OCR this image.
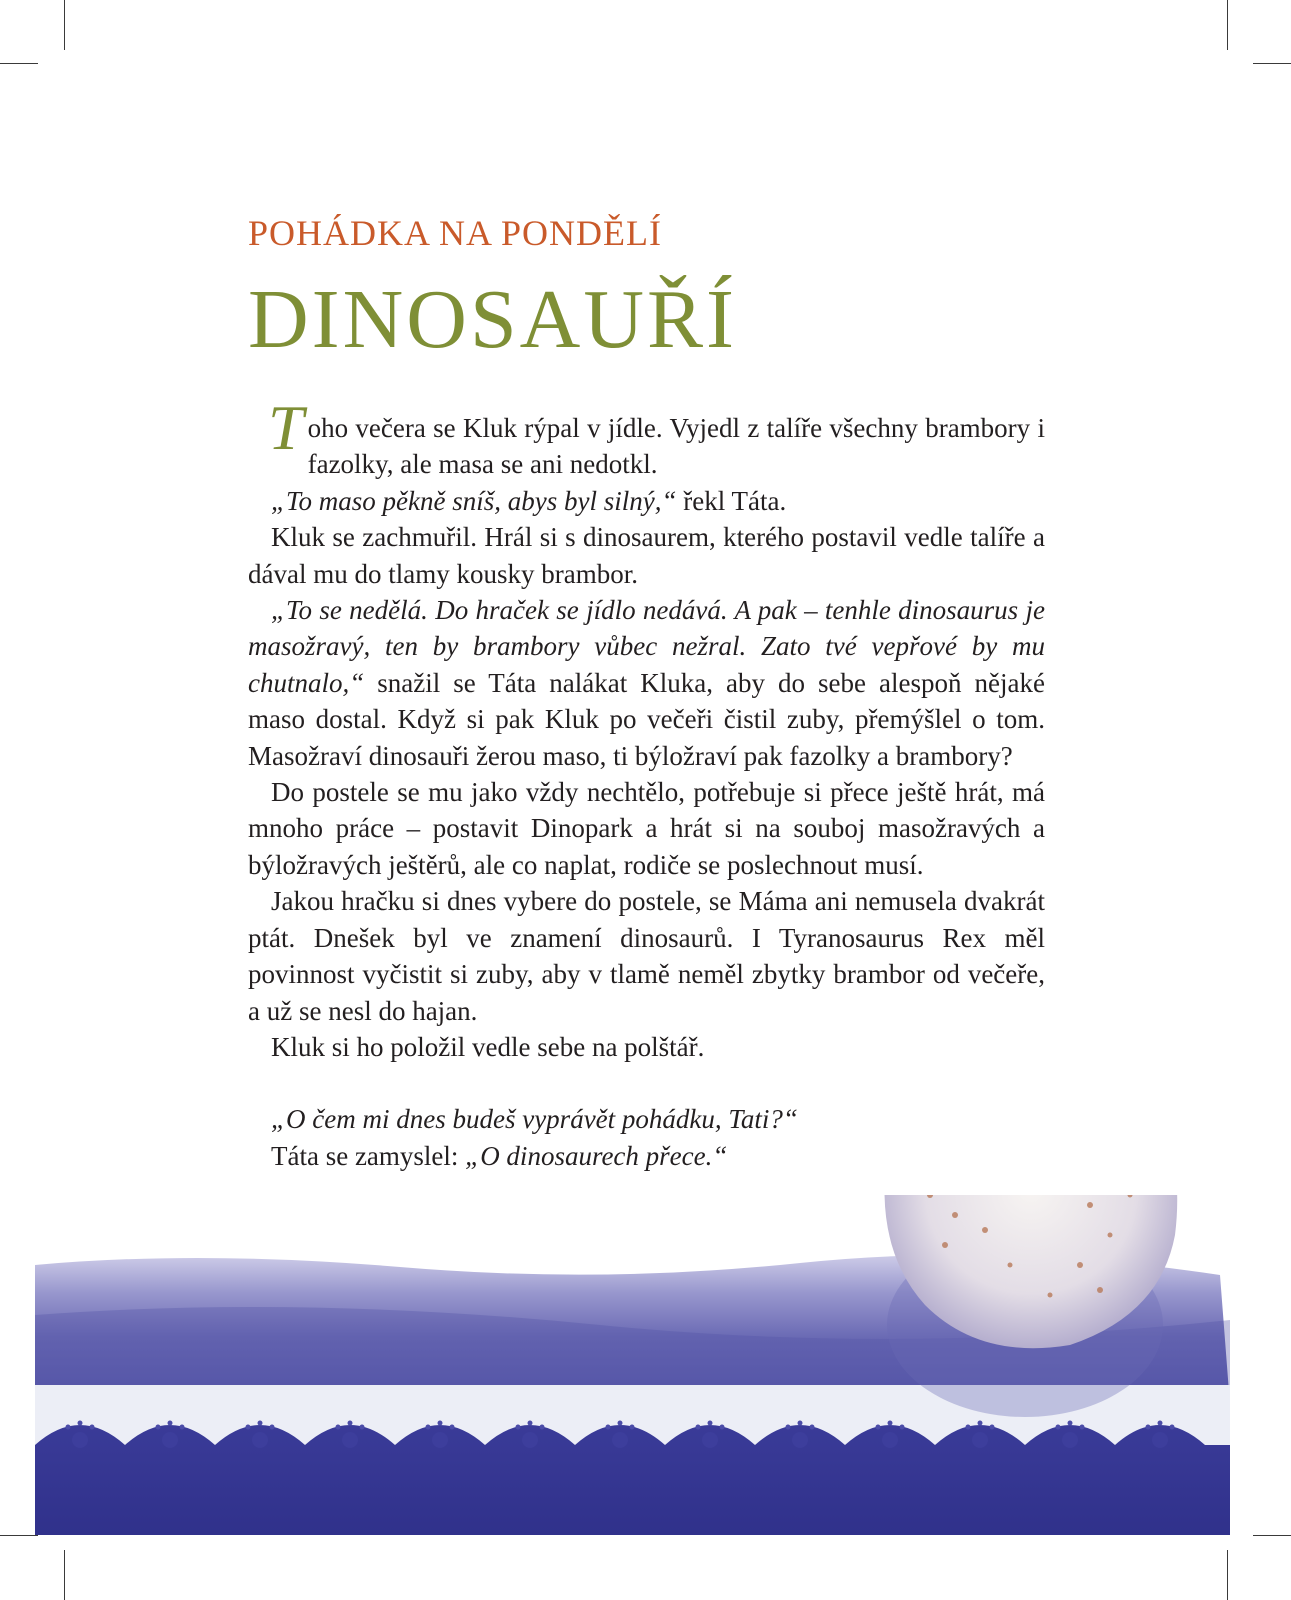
POHÁDKA NA PONDĚLÍ
DINOSAUŘÍ

Toho večera se Kluk rýpal v jídle. Vyjedl z talíře všechny brambory i fazolky, ale masa se ani nedotkl.

„To maso pěkně sníš, abys byl silný,“ řekl Táta.

Kluk se zachmuřil. Hrál si s dinosaurem, kterého postavil vedle talíře a dával mu do tlamy kousky brambor.

„To se nedělá. Do hraček se jídlo nedává. A pak – tenhle dinosaurus je masožravý, ten by brambory vůbec nežral. Zato tvé vepřové by mu chutnalo,“ snažil se Táta nalákat Kluka, aby do sebe alespoň nějaké maso dostal. Když si pak Kluk po večeři čistil zuby, přemýšlel o tom. Masožraví dinosauři žerou maso, ti býložraví pak fazolky a brambory?

Do postele se mu jako vždy nechtělo, potřebuje si přece ještě hrát, má mnoho práce – postavit Dinopark a hrát si na souboj masožravých a býložravých ještěrů, ale co naplat, rodiče se poslechnout musí.

Jakou hračku si dnes vybere do postele, se Máma ani nemusela dvakrát ptát. Dnešek byl ve znamení dinosaurů. I Tyranosaurus Rex měl povinnost vyčistit si zuby, aby v tlamě neměl zbytky brambor od večeře, a už se nesl do hajan.

Kluk si ho položil vedle sebe na polštář.

„O čem mi dnes budeš vyprávět pohádku, Tati?“

Táta se zamyslel: „O dinosaurech přece.“
